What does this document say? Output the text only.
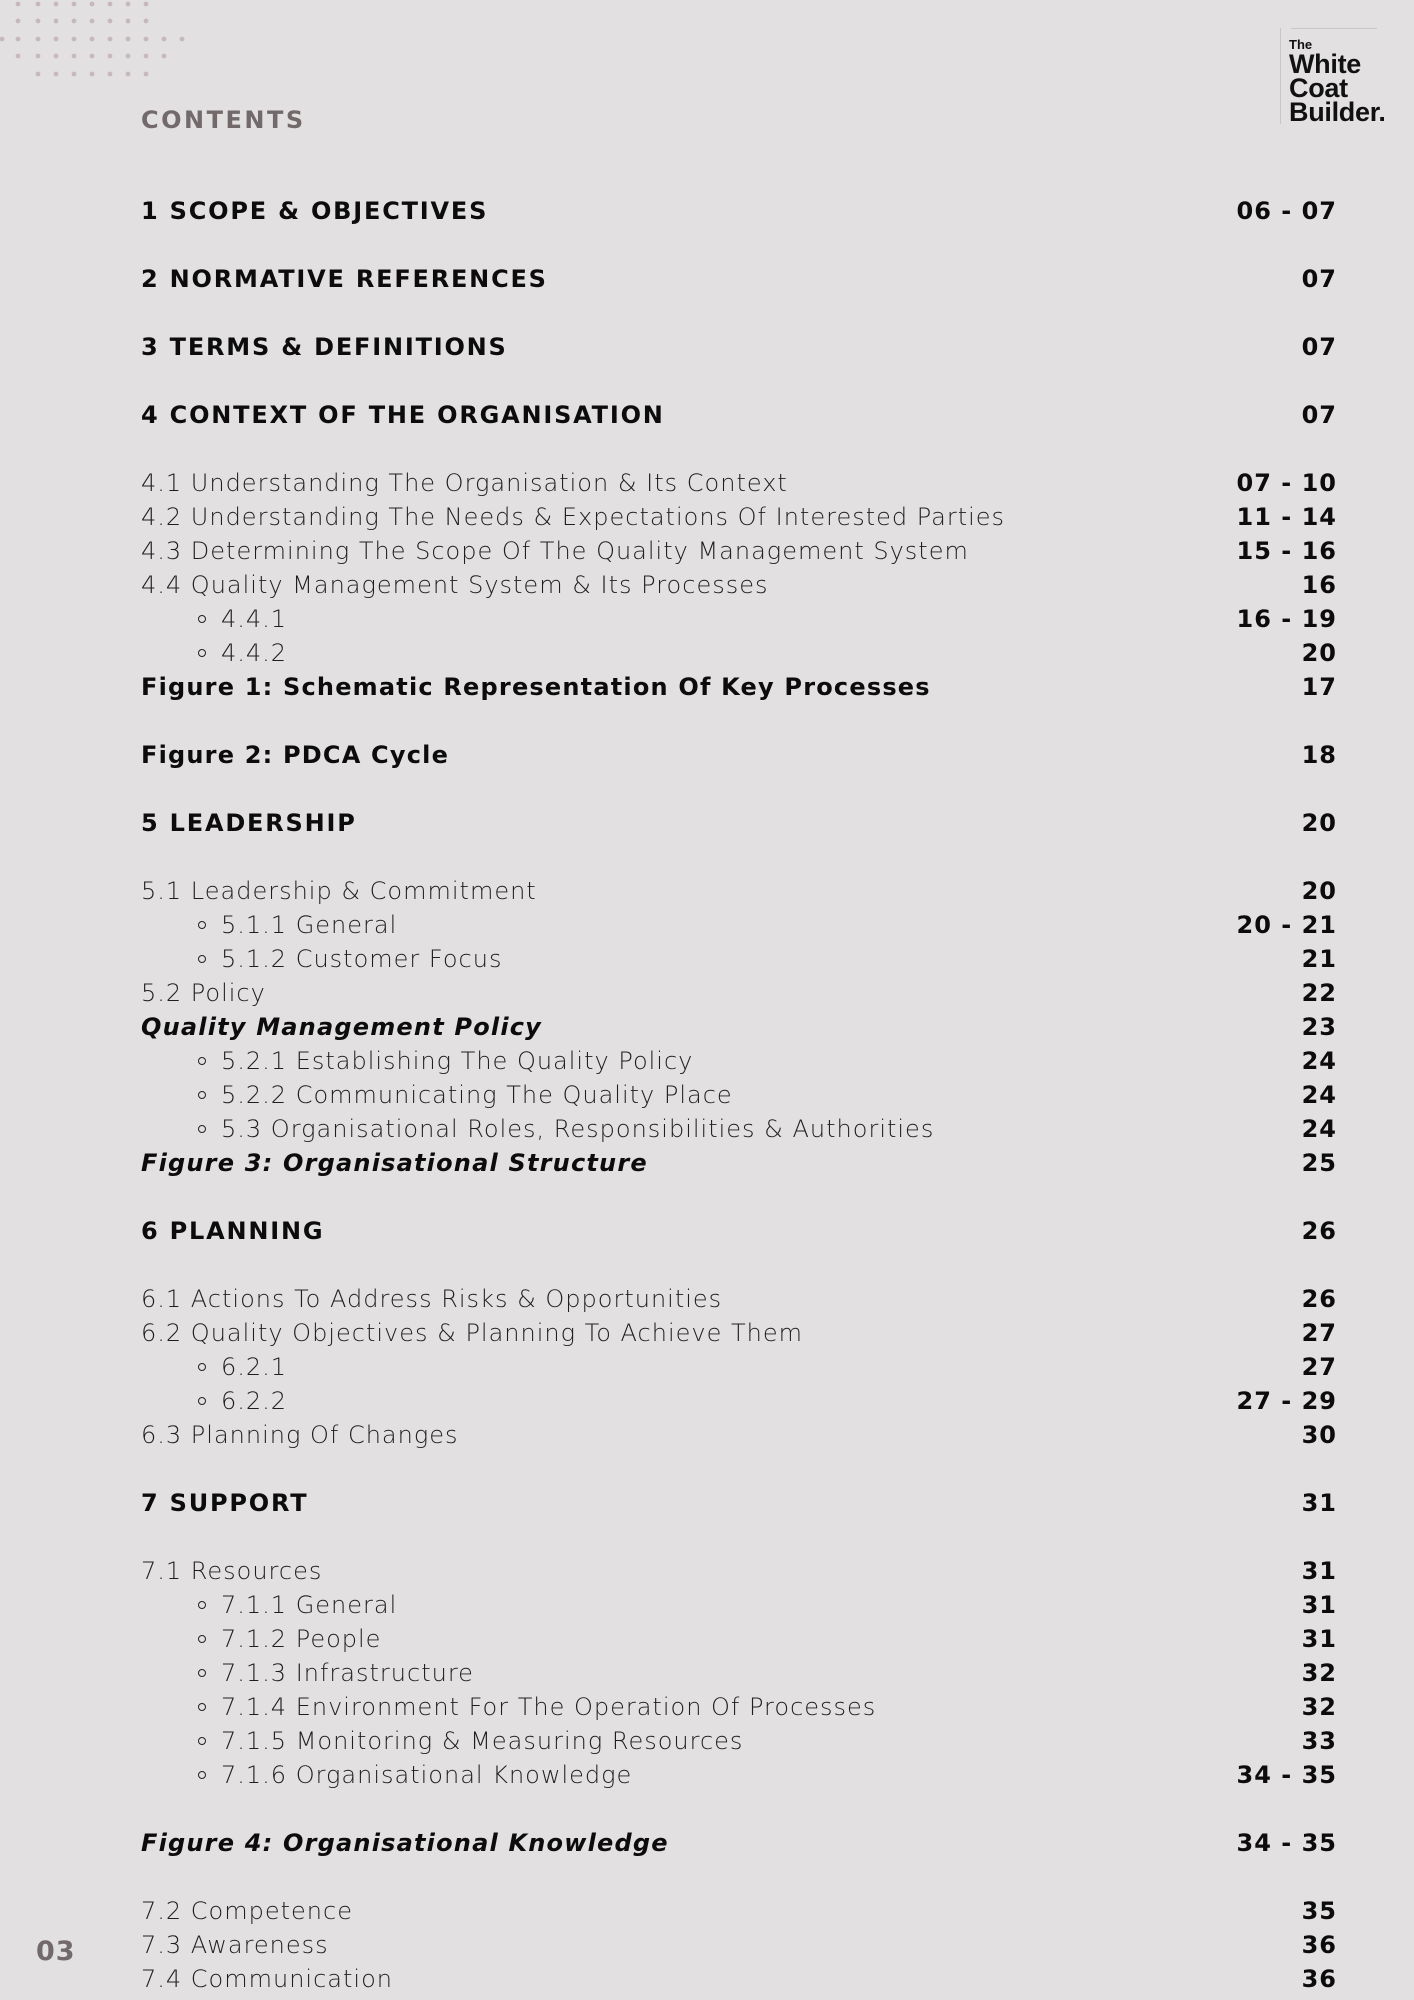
The
White
Coat
Builder.
CONTENTS
1 SCOPE & OBJECTIVES	06 - 07
2 NORMATIVE REFERENCES	07
3 TERMS & DEFINITIONS	07
4 CONTEXT OF THE ORGANISATION	07
4.1 Understanding The Organisation & Its Context	07 - 10
4.2 Understanding The Needs & Expectations Of Interested Parties	11 - 14
4.3 Determining The Scope Of The Quality Management System	15 - 16
4.4 Quality Management System & Its Processes	16
4.4.1	16 - 19
4.4.2	20
Figure 1: Schematic Representation Of Key Processes	17
Figure 2: PDCA Cycle	18
5 LEADERSHIP	20
5.1 Leadership & Commitment	20
5.1.1 General	20 - 21
5.1.2 Customer Focus	21
5.2 Policy	22
Quality Management Policy	23
5.2.1 Establishing The Quality Policy	24
5.2.2 Communicating The Quality Place	24
5.3 Organisational Roles, Responsibilities & Authorities	24
Figure 3: Organisational Structure	25
6 PLANNING	26
6.1 Actions To Address Risks & Opportunities	26
6.2 Quality Objectives & Planning To Achieve Them	27
6.2.1	27
6.2.2	27 - 29
6.3 Planning Of Changes	30
7 SUPPORT	31
7.1 Resources	31
7.1.1 General	31
7.1.2 People	31
7.1.3 Infrastructure	32
7.1.4 Environment For The Operation Of Processes	32
7.1.5 Monitoring & Measuring Resources	33
7.1.6 Organisational Knowledge	34 - 35
Figure 4: Organisational Knowledge	34 - 35
7.2 Competence	35
7.3 Awareness	36
7.4 Communication	36
03
